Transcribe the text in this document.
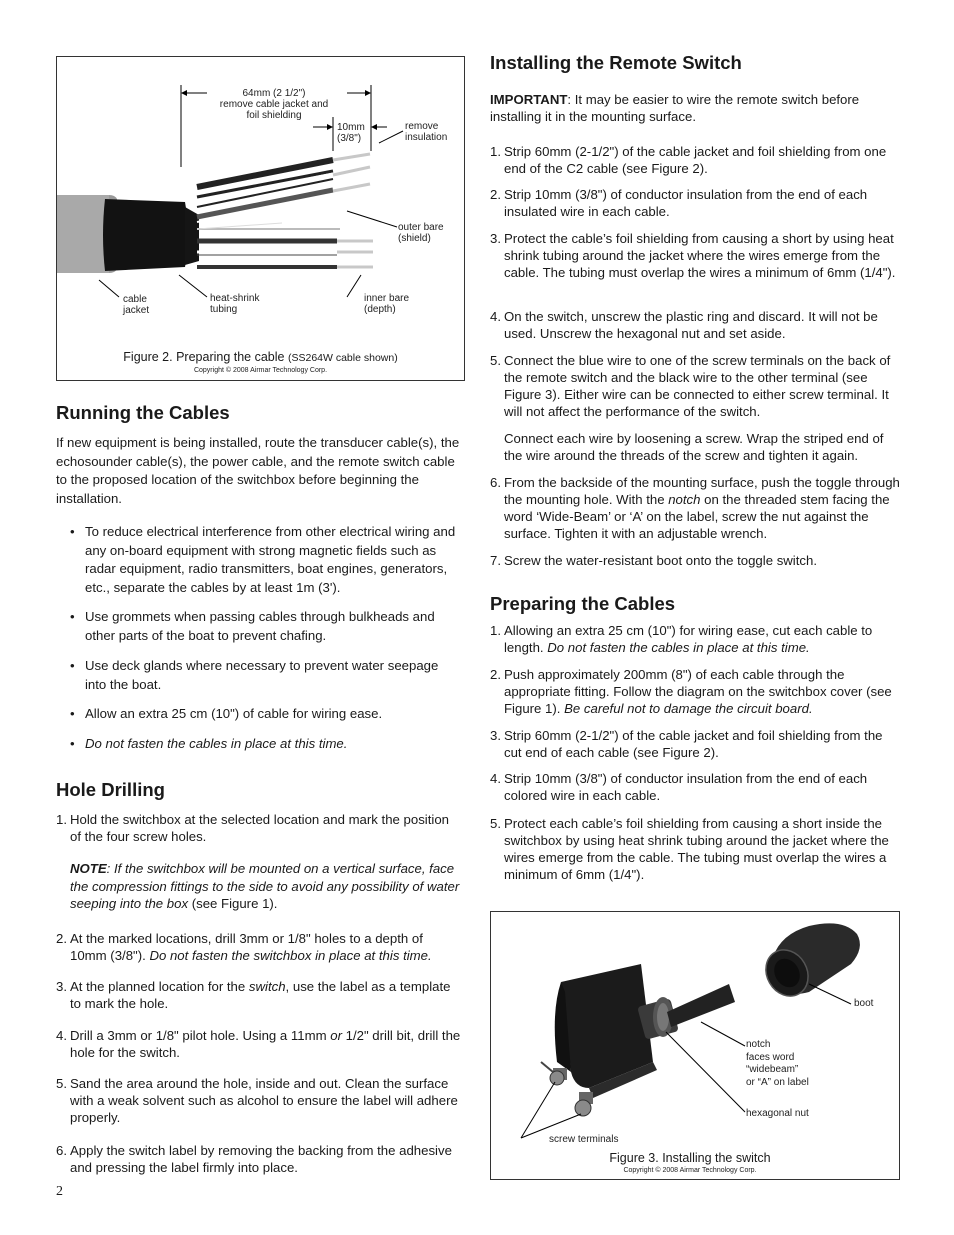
64mm (2 1/2")
remove cable jacket and
foil shielding
10mm
(3/8")
remove
insulation
outer bare
(shield)
cable
jacket
heat-shrink
tubing
inner bare
(depth)
Figure 2. Preparing the cable (SS264W cable shown)
Copyright © 2008 Airmar Technology Corp.
Running the Cables

If new equipment is being installed, route the transducer cable(s), the echosounder cable(s), the power cable, and the remote switch cable to the proposed location of the switchbox before beginning the installation.

• To reduce electrical interference from other electrical wiring and any on-board equipment with strong magnetic fields such as radar equipment, radio transmitters, boat engines, generators, etc., separate the cables by at least 1m (3').
• Use grommets when passing cables through bulkheads and other parts of the boat to prevent chafing.
• Use deck glands where necessary to prevent water seepage into the boat.
• Allow an extra 25 cm (10") of cable for wiring ease.
• Do not fasten the cables in place at this time.
Hole Drilling
1. Hold the switchbox at the selected location and mark the position of the four screw holes.
NOTE: If the switchbox will be mounted on a vertical surface, face the compression fittings to the side to avoid any possibility of water seeping into the box (see Figure 1).
2. At the marked locations, drill 3mm or 1/8" holes to a depth of 10mm (3/8"). Do not fasten the switchbox in place at this time.
3. At the planned location for the switch, use the label as a template to mark the hole.
4. Drill a 3mm or 1/8" pilot hole. Using a 11mm or 1/2" drill bit, drill the hole for the switch.
5. Sand the area around the hole, inside and out. Clean the surface with a weak solvent such as alcohol to ensure the label will adhere properly.
6. Apply the switch label by removing the backing from the adhesive and pressing the label firmly into place.
Installing the Remote Switch

IMPORTANT: It may be easier to wire the remote switch before installing it in the mounting surface.

1. Strip 60mm (2-1/2") of the cable jacket and foil shielding from one end of the C2 cable (see Figure 2).
2. Strip 10mm (3/8") of conductor insulation from the end of each insulated wire in each cable.
3. Protect the cable’s foil shielding from causing a short by using heat shrink tubing around the jacket where the wires emerge from the cable. The tubing must overlap the wires a minimum of 6mm (1/4").
4. On the switch, unscrew the plastic ring and discard. It will not be used. Unscrew the hexagonal nut and set aside.
5. Connect the blue wire to one of the screw terminals on the back of the remote switch and the black wire to the other terminal (see Figure 3). Either wire can be connected to either screw terminal. It will not affect the performance of the switch.
Connect each wire by loosening a screw. Wrap the striped end of the wire around the threads of the screw and tighten it again.
6. From the backside of the mounting surface, push the toggle through the mounting hole. With the notch on the threaded stem facing the word ‘Wide-Beam’ or ‘A’ on the label, screw the nut against the surface. Tighten it with an adjustable wrench.
7. Screw the water-resistant boot onto the toggle switch.
Preparing the Cables
1. Allowing an extra 25 cm (10") for wiring ease, cut each cable to length. Do not fasten the cables in place at this time.
2. Push approximately 200mm (8") of each cable through the appropriate fitting. Follow the diagram on the switchbox cover (see Figure 1). Be careful not to damage the circuit board.
3. Strip 60mm (2-1/2") of the cable jacket and foil shielding from the cut end of each cable (see Figure 2).
4. Strip 10mm (3/8") of conductor insulation from the end of each colored wire in each cable.
5. Protect each cable’s foil shielding from causing a short inside the switchbox by using heat shrink tubing around the jacket where the wires emerge from the cable. The tubing must overlap the wires a minimum of 6mm (1/4").
boot
notch
faces word
“widebeam”
or “A” on label
hexagonal nut
screw terminals
Figure 3. Installing the switch
Copyright © 2008 Airmar Technology Corp.
2
